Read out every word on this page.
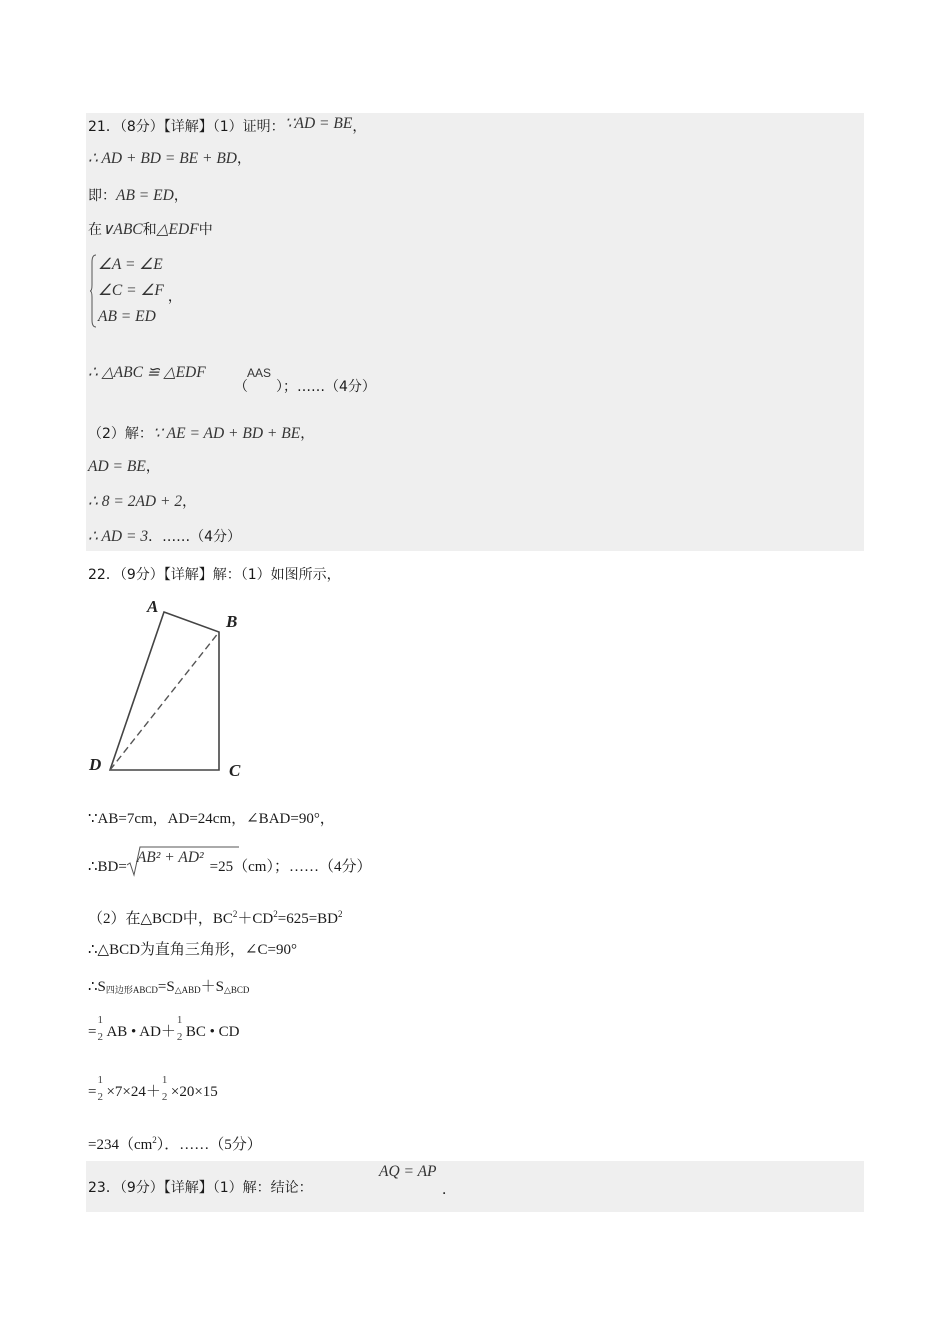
21．（8分）【详解】（1）证明：∵AD = BE，
∴ AD + BD = BE + BD，
即：AB = ED，
在∨ABC和△EDF中
∠A = ∠E
∠C = ∠F ，
AB = ED
∴ △ABC ≌ △EDF	AAS
（ ）；……（4分）
（2）解：∵ AE = AD + BD + BE，
AD = BE，
∴ 8 = 2AD + 2，
∴ AD = 3．……（4分）
22．（9分）【详解】解：（1）如图所示，
A
B
C
D
∵AB=7cm，AD=24cm，∠BAD=90°，
∴BD=
AB² + AD²=25（cm）；……（4分）
（2）在△BCD中，$BC^2+CD^2=625=BD^2$
∴△BCD为直角三角形，∠C=90°
$\therefore S_{四边形ABCD}=S_{\triangle ABD}+S_{\triangle BCD}$
=
1
2 AB • AD＋
1
2 BC • CD
=
1
2 ×7×24＋
1
2 ×20×15
$=234(cm^2)$．……（5分）
23．（9分）【详解】（1）解：结论：
AQ = AP
．
